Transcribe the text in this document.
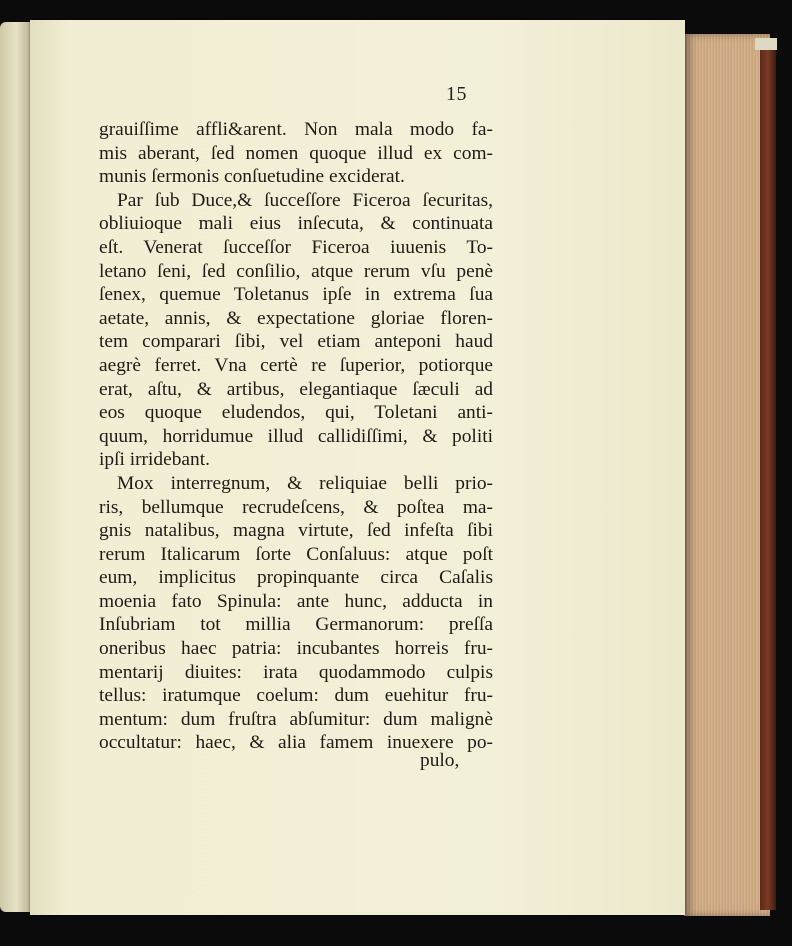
15
grauiſſime affli&arent. Non mala modo fa-
mis aberant, ſed nomen quoque illud ex com-
munis ſermonis conſuetudine exciderat.
Par ſub Duce,& ſucceſſore Ficeroa ſecuritas,
obliuioque mali eius inſecuta, & continuata
eſt. Venerat ſucceſſor Ficeroa iuuenis To-
letano ſeni, ſed conſilio, atque rerum vſu penè
ſenex, quemue Toletanus ipſe in extrema ſua
aetate, annis, & expectatione gloriae floren-
tem comparari ſibi, vel etiam anteponi haud
aegrè ferret. Vna certè re ſuperior, potiorque
erat, aſtu, & artibus, elegantiaque ſæculi ad
eos quoque eludendos, qui, Toletani anti-
quum, horridumue illud callidiſſimi, & politi
ipſi irridebant.
Mox interregnum, & reliquiae belli prio-
ris, bellumque recrudeſcens, & poſtea ma-
gnis natalibus, magna virtute, ſed infeſta ſibi
rerum Italicarum ſorte Conſaluus: atque poſt
eum, implicitus propinquante circa Caſalis
moenia fato Spinula: ante hunc, adducta in
Inſubriam tot millia Germanorum: preſſa
oneribus haec patria: incubantes horreis fru-
mentarij diuites: irata quodammodo culpis
tellus: iratumque coelum: dum euehitur fru-
mentum: dum fruſtra abſumitur: dum malignè
occultatur: haec, & alia famem inuexere po-
pulo,
